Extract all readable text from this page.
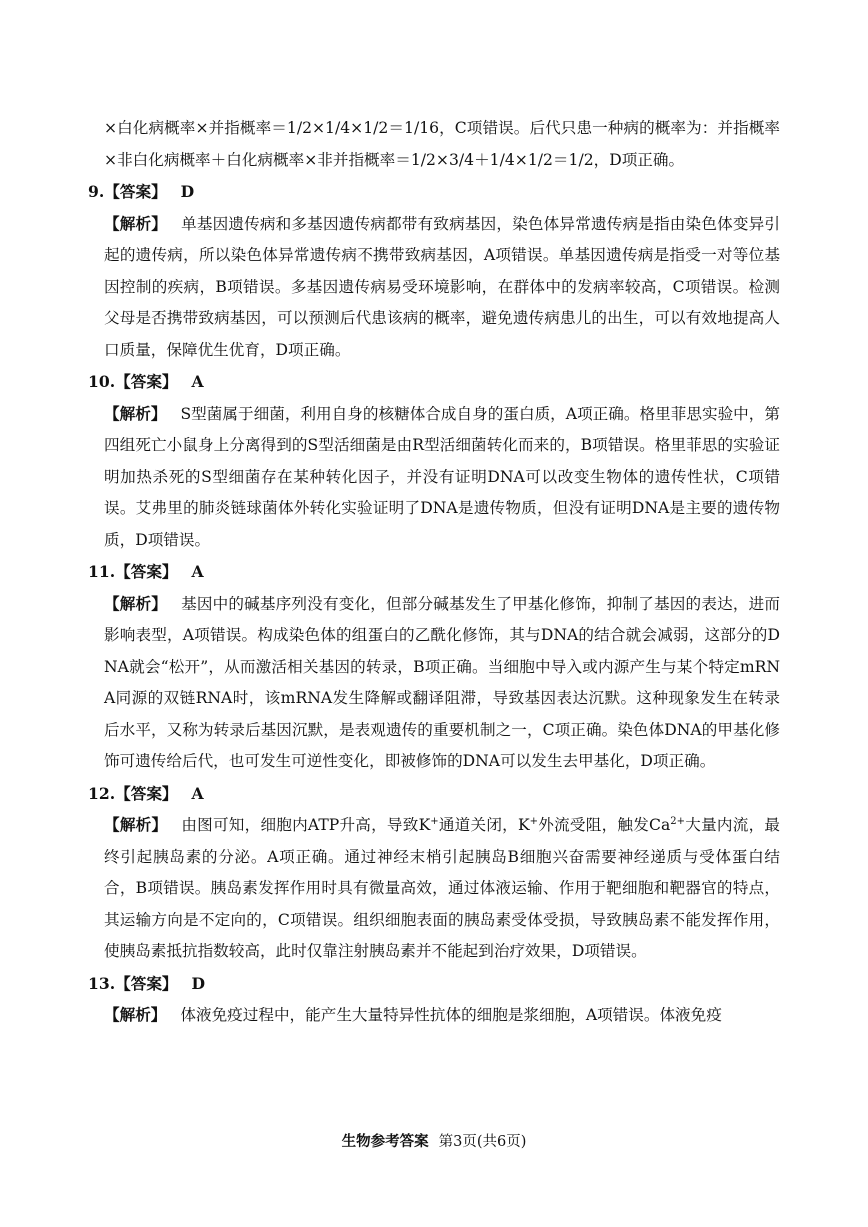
×白化病概率×并指概率＝1/2×1/4×1/2＝1/16，C项错误。后代只患一种病的概率为：并指概率×非白化病概率＋白化病概率×非并指概率＝1/2×3/4＋1/4×1/2＝1/2，D项正确。

9.【答案】 D

【解析】 单基因遗传病和多基因遗传病都带有致病基因，染色体异常遗传病是指由染色体变异引起的遗传病，所以染色体异常遗传病不携带致病基因，A项错误。单基因遗传病是指受一对等位基因控制的疾病，B项错误。多基因遗传病易受环境影响，在群体中的发病率较高，C项错误。检测父母是否携带致病基因，可以预测后代患该病的概率，避免遗传病患儿的出生，可以有效地提高人口质量，保障优生优育，D项正确。

10.【答案】 A

【解析】 S型菌属于细菌，利用自身的核糖体合成自身的蛋白质，A项正确。格里菲思实验中，第四组死亡小鼠身上分离得到的S型活细菌是由R型活细菌转化而来的，B项错误。格里菲思的实验证明加热杀死的S型细菌存在某种转化因子，并没有证明DNA可以改变生物体的遗传性状，C项错误。艾弗里的肺炎链球菌体外转化实验证明了DNA是遗传物质，但没有证明DNA是主要的遗传物质，D项错误。

11.【答案】 A

【解析】 基因中的碱基序列没有变化，但部分碱基发生了甲基化修饰，抑制了基因的表达，进而影响表型，A项错误。构成染色体的组蛋白的乙酰化修饰，其与DNA的结合就会减弱，这部分的DNA就会“松开”，从而激活相关基因的转录，B项正确。当细胞中导入或内源产生与某个特定mRNA同源的双链RNA时，该mRNA发生降解或翻译阻滞，导致基因表达沉默。这种现象发生在转录后水平，又称为转录后基因沉默，是表观遗传的重要机制之一，C项正确。染色体DNA的甲基化修饰可遗传给后代，也可发生可逆性变化，即被修饰的DNA可以发生去甲基化，D项正确。

12.【答案】 A

【解析】 由图可知，细胞内ATP升高，导致K+通道关闭，K+外流受阻，触发$Ca^{2+}$大量内流，最终引起胰岛素的分泌。A项正确。通过神经末梢引起胰岛B细胞兴奋需要神经递质与受体蛋白结合，B项错误。胰岛素发挥作用时具有微量高效，通过体液运输、作用于靶细胞和靶器官的特点，其运输方向是不定向的，C项错误。组织细胞表面的胰岛素受体受损，导致胰岛素不能发挥作用，使胰岛素抵抗指数较高，此时仅靠注射胰岛素并不能起到治疗效果，D项错误。

13.【答案】 D

【解析】 体液免疫过程中，能产生大量特异性抗体的细胞是浆细胞，A项错误。体液免疫

生物参考答案 第3页(共6页)
